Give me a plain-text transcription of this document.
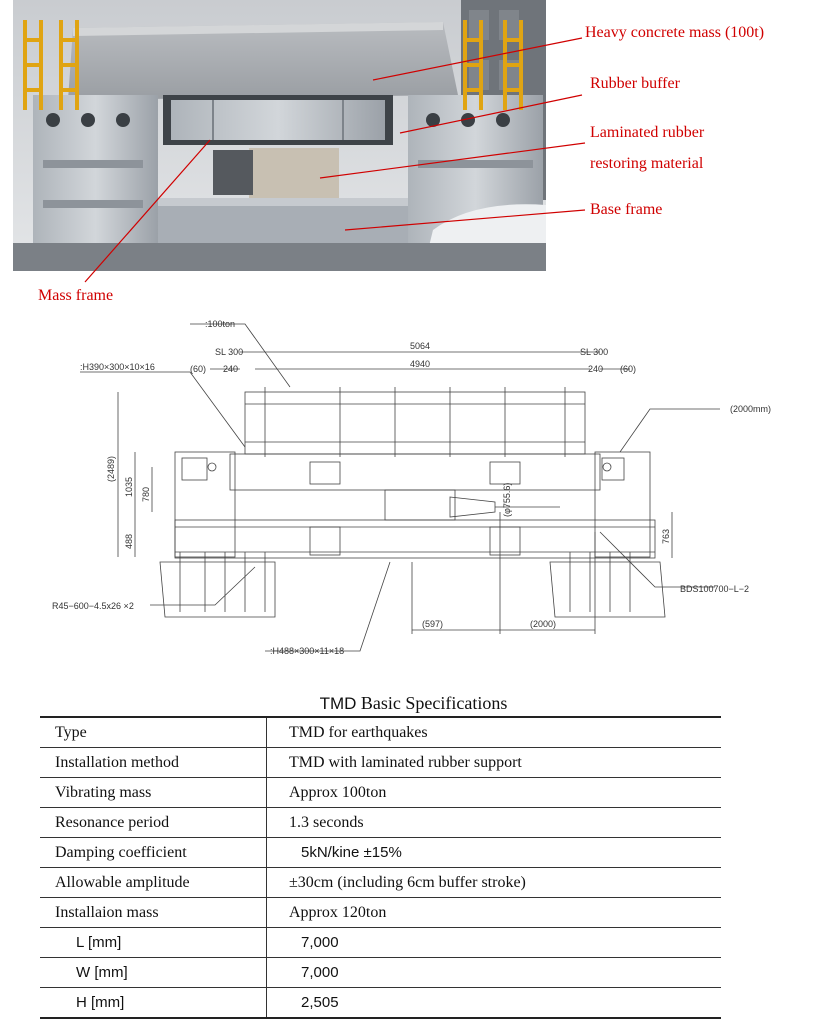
Heavy concrete mass (100t)
Rubber buffer
Laminated rubber
restoring material
Base frame
Mass frame
:100ton
SL 300	SL 300
5064
4940
(60)	(60)
240	240
:H390×300×10×16
(2000mm)
(2489)
1035 780
488	763
(φ755.6)
R45−600−4.5x26 ×2
BDS100700−L−2
(597)	(2000)
:H488×300×11×18
TMD Basic Specifications
Type	TMD for earthquakes
Installation method	TMD with laminated rubber support
Vibrating mass	Approx 100ton
Resonance period	1.3 seconds
Damping coefficient	5kN/kine ±15%
Allowable amplitude	±30cm (including 6cm buffer stroke)
Installaion mass	Approx 120ton
L [mm]	7,000
W [mm]	7,000
H [mm]	2,505
